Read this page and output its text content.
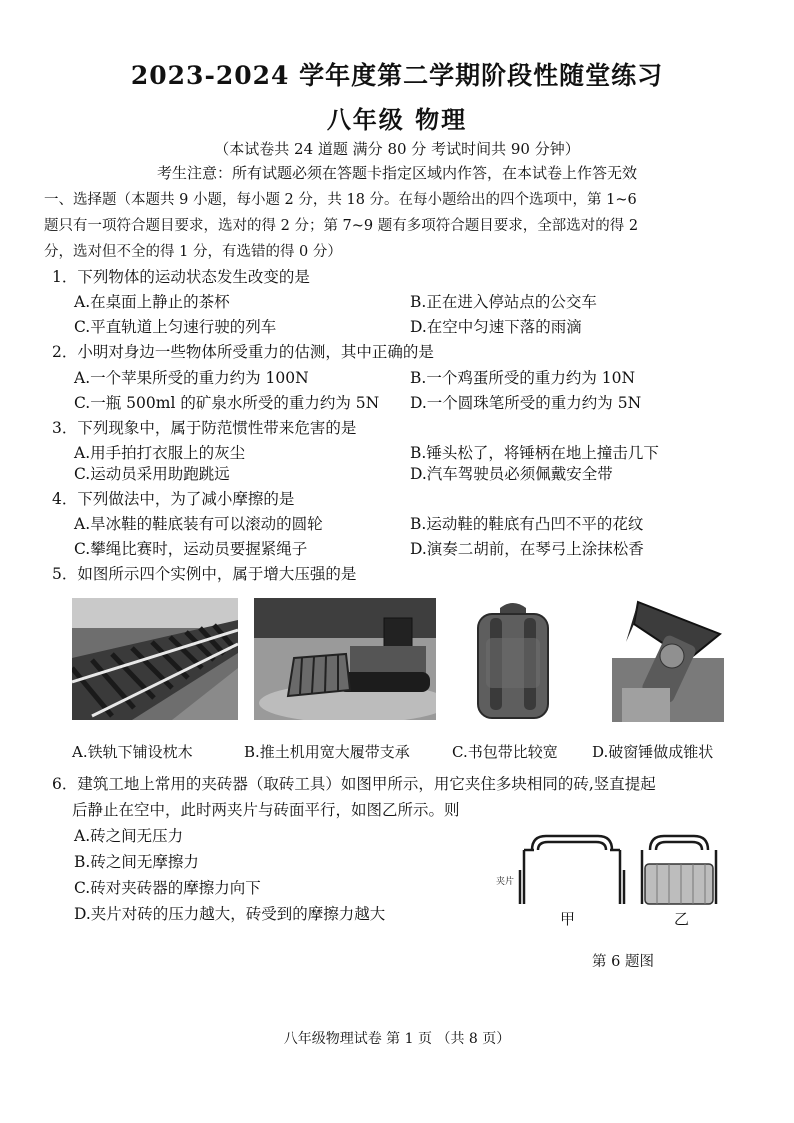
2023-2024 学年度第二学期阶段性随堂练习
八年级 物理
（本试卷共 24 道题 满分 80 分 考试时间共 90 分钟）
考生注意：所有试题必须在答题卡指定区域内作答，在本试卷上作答无效
一、选择题（本题共 9 小题，每小题 2 分，共 18 分。在每小题给出的四个选项中，第 1~6
题只有一项符合题目要求，选对的得 2 分；第 7~9 题有多项符合题目要求，全部选对的得 2
分，选对但不全的得 1 分，有选错的得 0 分）
1．下列物体的运动状态发生改变的是
A.在桌面上静止的茶杯	B.正在进入停站点的公交车
C.平直轨道上匀速行驶的列车	D.在空中匀速下落的雨滴
2．小明对身边一些物体所受重力的估测，其中正确的是
A.一个苹果所受的重力约为 100N	B.一个鸡蛋所受的重力约为 10N
C.一瓶 500ml 的矿泉水所受的重力约为 5N D.一个圆珠笔所受的重力约为 5N
3．下列现象中，属于防范惯性带来危害的是
A.用手拍打衣服上的灰尘	B.锤头松了，将锤柄在地上撞击几下
C.运动员采用助跑跳远	D.汽车驾驶员必须佩戴安全带
4．下列做法中，为了减小摩擦的是
A.旱冰鞋的鞋底装有可以滚动的圆轮	B.运动鞋的鞋底有凸凹不平的花纹
C.攀绳比赛时，运动员要握紧绳子	D.演奏二胡前，在琴弓上涂抹松香
5．如图所示四个实例中，属于增大压强的是
A.铁轨下铺设枕木	B.推土机用宽大履带支承	C.书包带比较宽 D.破窗锤做成锥状
6．建筑工地上常用的夹砖器（取砖工具）如图甲所示，用它夹住多块相同的砖,竖直提起
后静止在空中，此时两夹片与砖面平行，如图乙所示。则
A.砖之间无压力
B.砖之间无摩擦力
C.砖对夹砖器的摩擦力向下
D.夹片对砖的压力越大，砖受到的摩擦力越大
夹片
甲	乙
第 6 题图
八年级物理试卷 第 1 页 （共 8 页）
